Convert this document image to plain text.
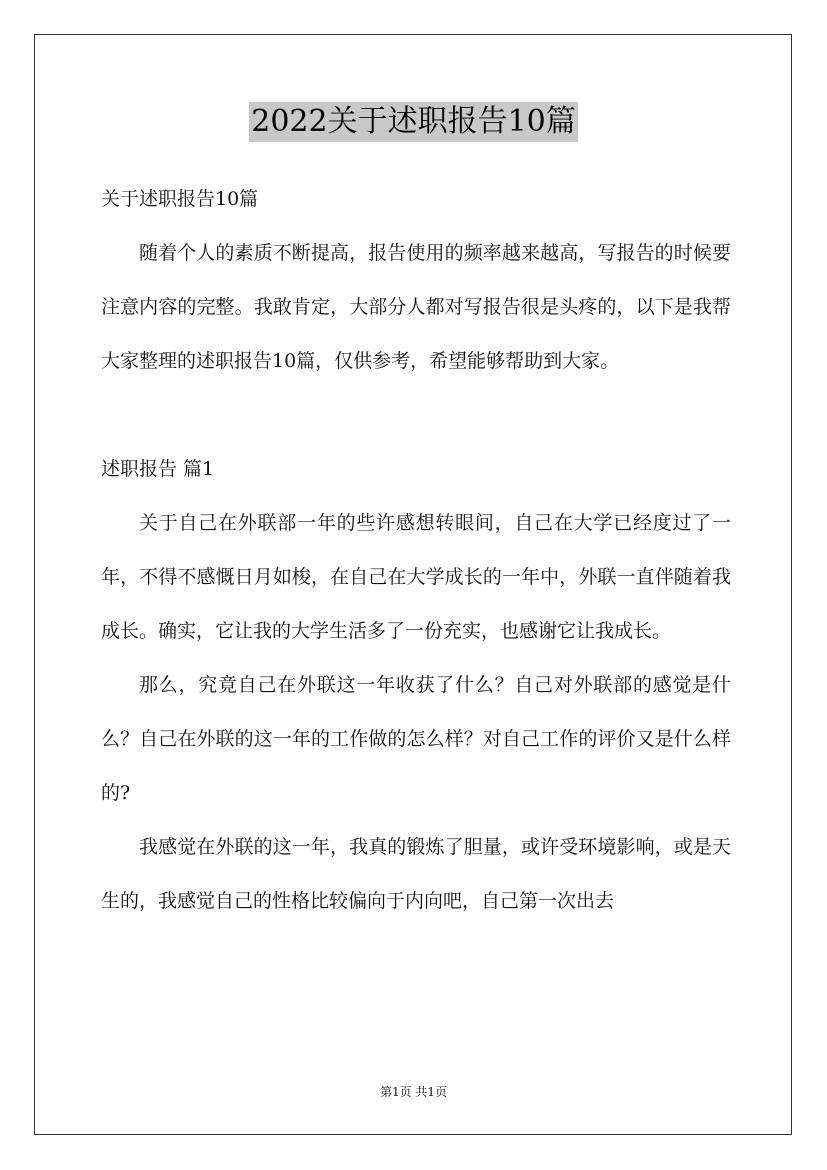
2022关于述职报告10篇

关于述职报告10篇

随着个人的素质不断提高，报告使用的频率越来越高，写报告的时候要注意内容的完整。我敢肯定，大部分人都对写报告很是头疼的，以下是我帮大家整理的述职报告10篇，仅供参考，希望能够帮助到大家。

述职报告 篇1

关于自己在外联部一年的些许感想转眼间，自己在大学已经度过了一年，不得不感慨日月如梭，在自己在大学成长的一年中，外联一直伴随着我成长。确实，它让我的大学生活多了一份充实，也感谢它让我成长。

那么，究竟自己在外联这一年收获了什么？自己对外联部的感觉是什么？自己在外联的这一年的工作做的怎么样？对自己工作的评价又是什么样的?

我感觉在外联的这一年，我真的锻炼了胆量，或许受环境影响，或是天生的，我感觉自己的性格比较偏向于内向吧，自己第一次出去

第1页 共1页
